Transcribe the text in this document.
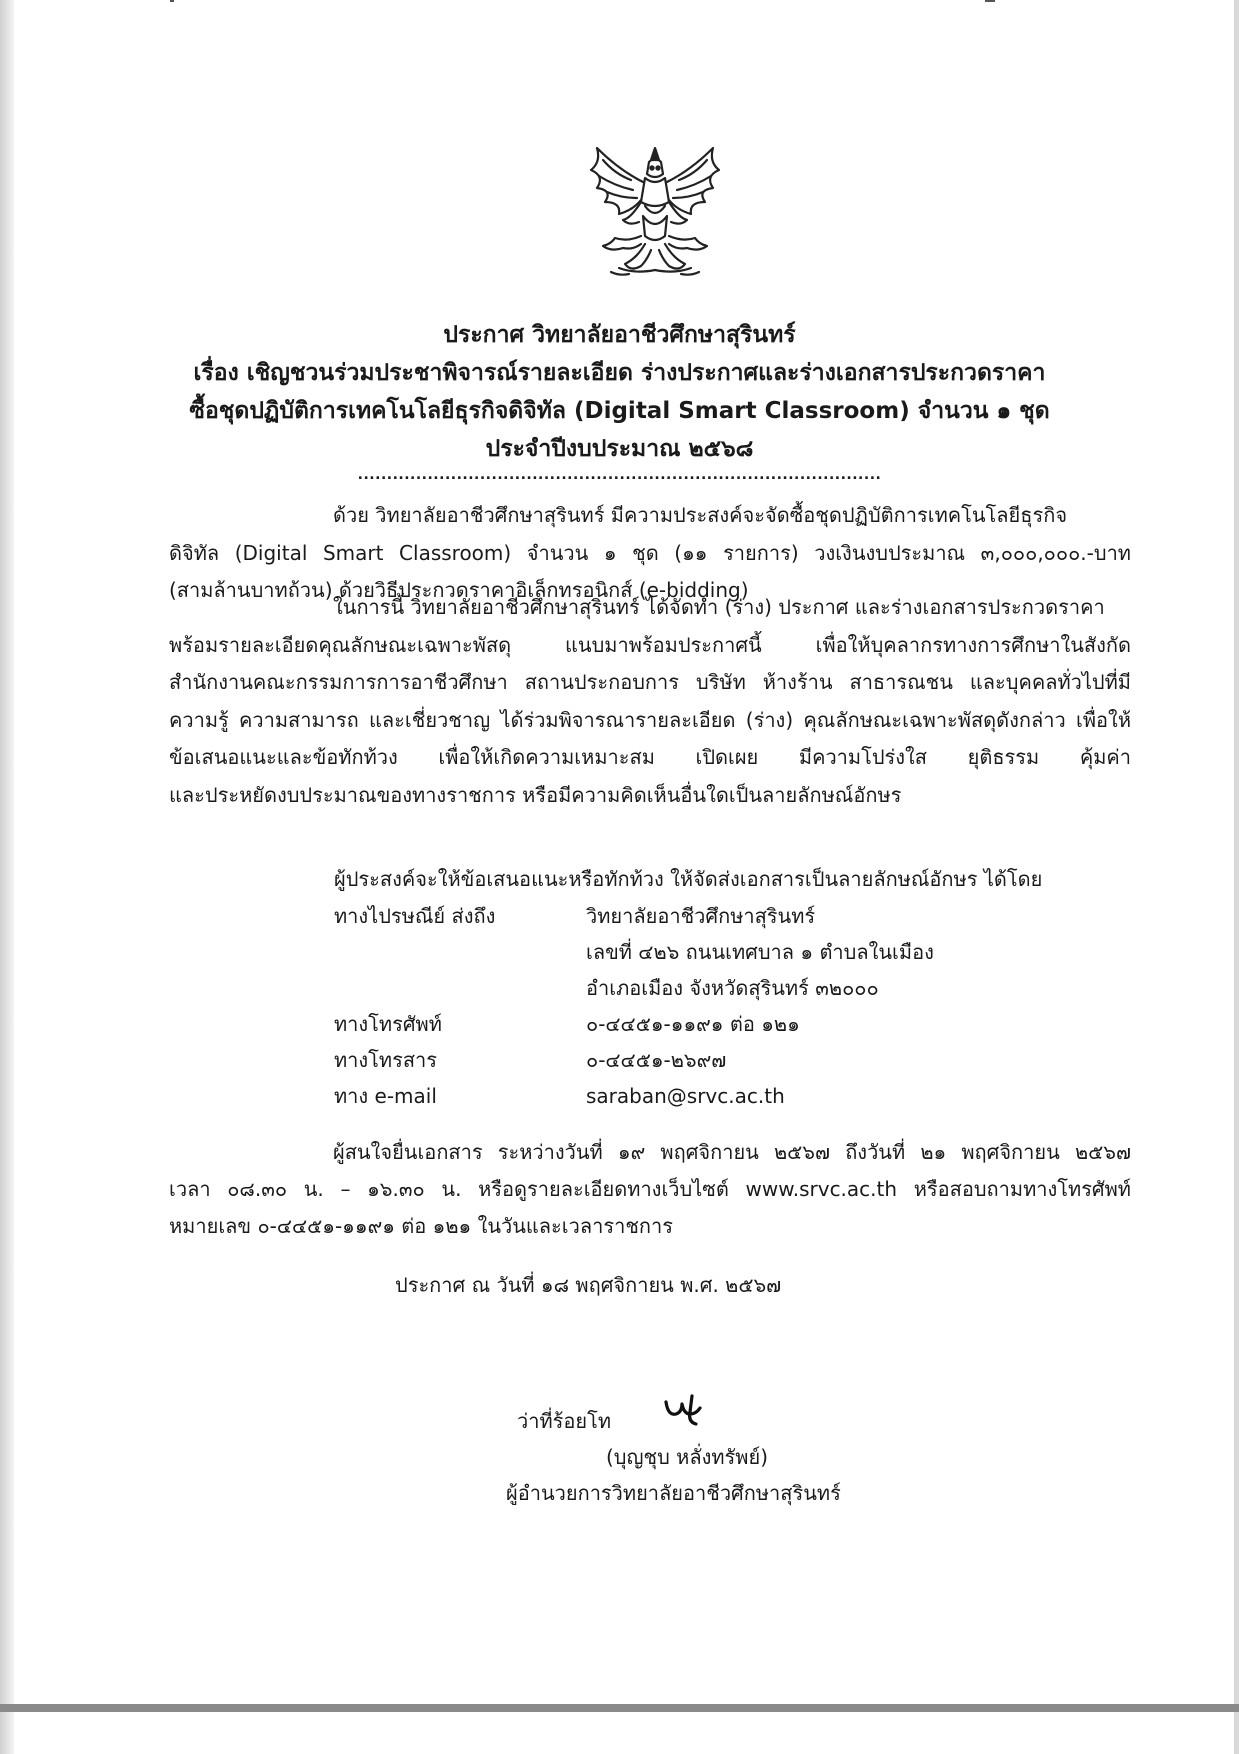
ประกาศ วิทยาลัยอาชีวศึกษาสุรินทร์
เรื่อง เชิญชวนร่วมประชาพิจารณ์รายละเอียด ร่างประกาศและร่างเอกสารประกวดราคา
ซื้อชุดปฏิบัติการเทคโนโลยีธุรกิจดิจิทัล (Digital Smart Classroom) จำนวน ๑ ชุด
ประจำปีงบประมาณ ๒๕๖๘
..........................................................................................

ด้วย วิทยาลัยอาชีวศึกษาสุรินทร์ มีความประสงค์จะจัดซื้อชุดปฏิบัติการเทคโนโลยีธุรกิจ
ดิจิทัล (Digital Smart Classroom) จำนวน ๑ ชุด (๑๑ รายการ) วงเงินงบประมาณ ๓,๐๐๐,๐๐๐.-บาท
(สามล้านบาทถ้วน) ด้วยวิธีประกวดราคาอิเล็กทรอนิกส์ (e-bidding)

ในการนี้ วิทยาลัยอาชีวศึกษาสุรินทร์ ได้จัดทำ (ร่าง) ประกาศ และร่างเอกสารประกวดราคา
พร้อมรายละเอียดคุณลักษณะเฉพาะพัสดุ แนบมาพร้อมประกาศนี้ เพื่อให้บุคลากรทางการศึกษาในสังกัด
สำนักงานคณะกรรมการการอาชีวศึกษา สถานประกอบการ บริษัท ห้างร้าน สาธารณชน และบุคคลทั่วไปที่มี
ความรู้ ความสามารถ และเชี่ยวชาญ ได้ร่วมพิจารณารายละเอียด (ร่าง) คุณลักษณะเฉพาะพัสดุดังกล่าว เพื่อให้
ข้อเสนอแนะและข้อทักท้วง เพื่อให้เกิดความเหมาะสม เปิดเผย มีความโปร่งใส ยุติธรรม คุ้มค่า
และประหยัดงบประมาณของทางราชการ หรือมีความคิดเห็นอื่นใดเป็นลายลักษณ์อักษร

ผู้ประสงค์จะให้ข้อเสนอแนะหรือทักท้วง ให้จัดส่งเอกสารเป็นลายลักษณ์อักษร ได้โดย
ทางไปรษณีย์ ส่งถึง	วิทยาลัยอาชีวศึกษาสุรินทร์
เลขที่ ๔๒๖ ถนนเทศบาล ๑ ตำบลในเมือง
อำเภอเมือง จังหวัดสุรินทร์ ๓๒๐๐๐
ทางโทรศัพท์	๐-๔๔๕๑-๑๑๙๑ ต่อ ๑๒๑
ทางโทรสาร	๐-๔๔๕๑-๒๖๙๗
ทาง e-mail	saraban@srvc.ac.th

ผู้สนใจยื่นเอกสาร ระหว่างวันที่ ๑๙ พฤศจิกายน ๒๕๖๗ ถึงวันที่ ๒๑ พฤศจิกายน ๒๕๖๗
เวลา ๐๘.๓๐ น. – ๑๖.๓๐ น. หรือดูรายละเอียดทางเว็บไซต์ www.srvc.ac.th หรือสอบถามทางโทรศัพท์
หมายเลข ๐-๔๔๕๑-๑๑๙๑ ต่อ ๑๒๑ ในวันและเวลาราชการ

ประกาศ ณ วันที่ ๑๘ พฤศจิกายน พ.ศ. ๒๕๖๗
ว่าที่ร้อยโท
(บุญชุบ หลั่งทรัพย์)
ผู้อำนวยการวิทยาลัยอาชีวศึกษาสุรินทร์
